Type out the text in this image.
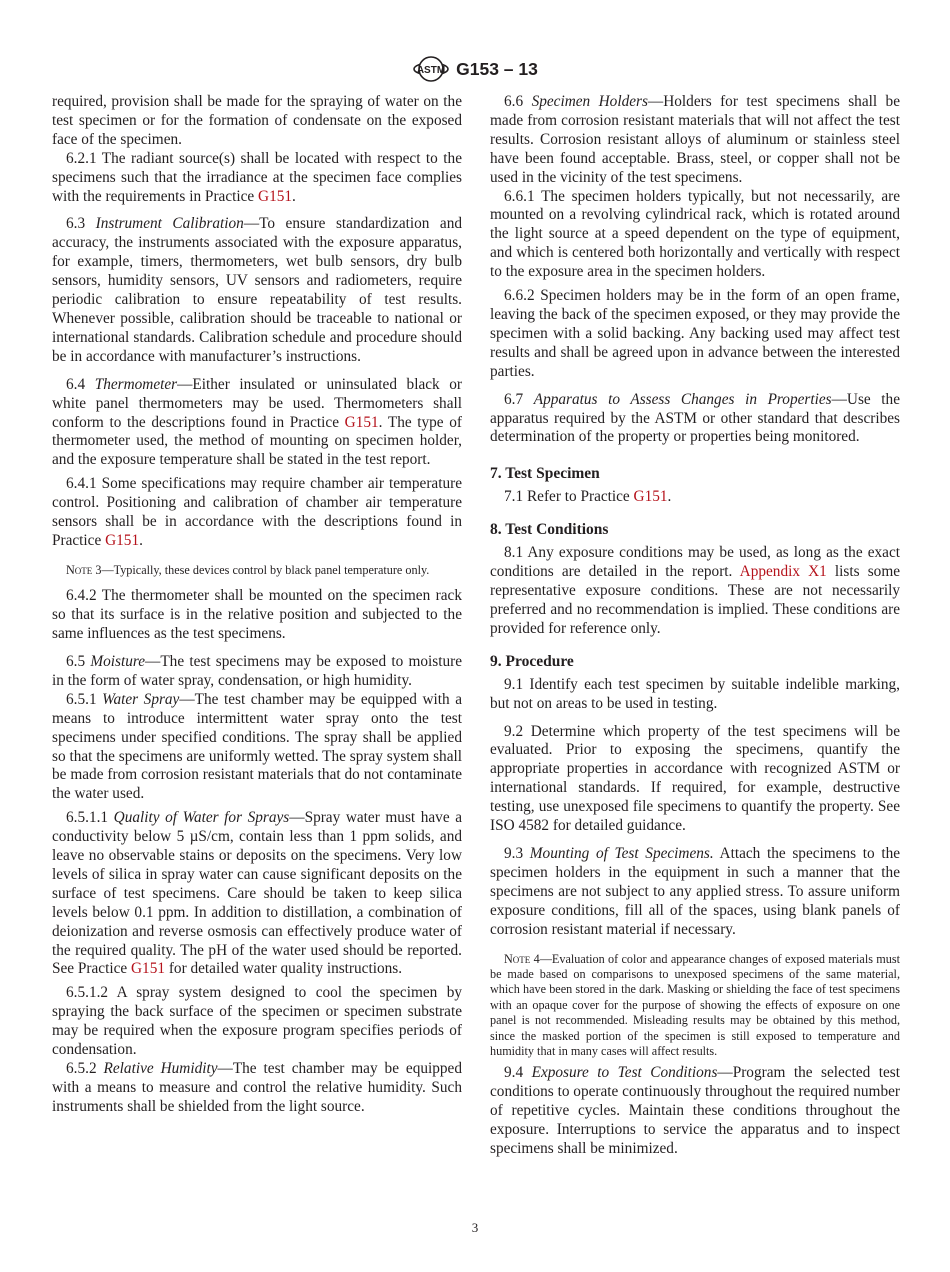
ASTM G153 – 13

required, provision shall be made for the spraying of water on the test specimen or for the formation of condensate on the exposed face of the specimen.

6.2.1 The radiant source(s) shall be located with respect to the specimens such that the irradiance at the specimen face complies with the requirements in Practice G151.

6.3 Instrument Calibration—To ensure standardization and accuracy, the instruments associated with the exposure apparatus, for example, timers, thermometers, wet bulb sensors, dry bulb sensors, humidity sensors, UV sensors and radiometers, require periodic calibration to ensure repeatability of test results. Whenever possible, calibration should be traceable to national or international standards. Calibration schedule and procedure should be in accordance with manufacturer’s instructions.

6.4 Thermometer—Either insulated or uninsulated black or white panel thermometers may be used. Thermometers shall conform to the descriptions found in Practice G151. The type of thermometer used, the method of mounting on specimen holder, and the exposure temperature shall be stated in the test report.

6.4.1 Some specifications may require chamber air temperature control. Positioning and calibration of chamber air temperature sensors shall be in accordance with the descriptions found in Practice G151.

Note 3—Typically, these devices control by black panel temperature only.

6.4.2 The thermometer shall be mounted on the specimen rack so that its surface is in the relative position and subjected to the same influences as the test specimens.

6.5 Moisture—The test specimens may be exposed to moisture in the form of water spray, condensation, or high humidity.

6.5.1 Water Spray—The test chamber may be equipped with a means to introduce intermittent water spray onto the test specimens under specified conditions. The spray shall be applied so that the specimens are uniformly wetted. The spray system shall be made from corrosion resistant materials that do not contaminate the water used.

6.5.1.1 Quality of Water for Sprays—Spray water must have a conductivity below 5 µS/cm, contain less than 1 ppm solids, and leave no observable stains or deposits on the specimens. Very low levels of silica in spray water can cause significant deposits on the surface of test specimens. Care should be taken to keep silica levels below 0.1 ppm. In addition to distillation, a combination of deionization and reverse osmosis can effectively produce water of the required quality. The pH of the water used should be reported. See Practice G151 for detailed water quality instructions.

6.5.1.2 A spray system designed to cool the specimen by spraying the back surface of the specimen or specimen substrate may be required when the exposure program specifies periods of condensation.

6.5.2 Relative Humidity—The test chamber may be equipped with a means to measure and control the relative humidity. Such instruments shall be shielded from the light source.

6.6 Specimen Holders—Holders for test specimens shall be made from corrosion resistant materials that will not affect the test results. Corrosion resistant alloys of aluminum or stainless steel have been found acceptable. Brass, steel, or copper shall not be used in the vicinity of the test specimens.

6.6.1 The specimen holders typically, but not necessarily, are mounted on a revolving cylindrical rack, which is rotated around the light source at a speed dependent on the type of equipment, and which is centered both horizontally and vertically with respect to the exposure area in the specimen holders.

6.6.2 Specimen holders may be in the form of an open frame, leaving the back of the specimen exposed, or they may provide the specimen with a solid backing. Any backing used may affect test results and shall be agreed upon in advance between the interested parties.

6.7 Apparatus to Assess Changes in Properties—Use the apparatus required by the ASTM or other standard that describes determination of the property or properties being monitored.

7. Test Specimen

7.1 Refer to Practice G151.

8. Test Conditions

8.1 Any exposure conditions may be used, as long as the exact conditions are detailed in the report. Appendix X1 lists some representative exposure conditions. These are not necessarily preferred and no recommendation is implied. These conditions are provided for reference only.

9. Procedure

9.1 Identify each test specimen by suitable indelible marking, but not on areas to be used in testing.

9.2 Determine which property of the test specimens will be evaluated. Prior to exposing the specimens, quantify the appropriate properties in accordance with recognized ASTM or international standards. If required, for example, destructive testing, use unexposed file specimens to quantify the property. See ISO 4582 for detailed guidance.

9.3 Mounting of Test Specimens. Attach the specimens to the specimen holders in the equipment in such a manner that the specimens are not subject to any applied stress. To assure uniform exposure conditions, fill all of the spaces, using blank panels of corrosion resistant material if necessary.

Note 4—Evaluation of color and appearance changes of exposed materials must be made based on comparisons to unexposed specimens of the same material, which have been stored in the dark. Masking or shielding the face of test specimens with an opaque cover for the purpose of showing the effects of exposure on one panel is not recommended. Misleading results may be obtained by this method, since the masked portion of the specimen is still exposed to temperature and humidity that in many cases will affect results.

9.4 Exposure to Test Conditions—Program the selected test conditions to operate continuously throughout the required number of repetitive cycles. Maintain these conditions throughout the exposure. Interruptions to service the apparatus and to inspect specimens shall be minimized.

3
